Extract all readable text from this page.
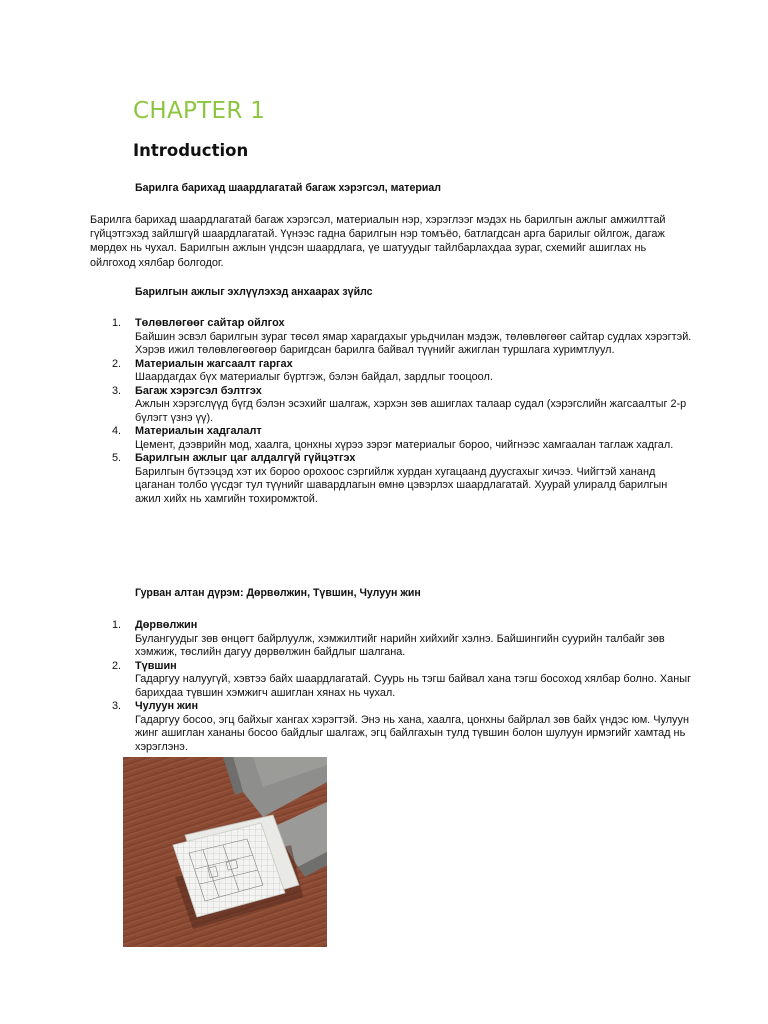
CHAPTER 1
Introduction
Барилга барихад шаардлагатай багаж хэрэгсэл, материал
Барилга барихад шаардлагатай багаж хэрэгсэл, материалын нэр, хэрэглээг мэдэх нь барилгын ажлыг амжилттай гүйцэтгэхэд зайлшгүй шаардлагатай. Үүнээс гадна барилгын нэр томъёо, батлагдсан арга барилыг ойлгож, дагаж мөрдөх нь чухал. Барилгын ажлын үндсэн шаардлага, үе шатуудыг тайлбарлахдаа зураг, схемийг ашиглах нь ойлгоход хялбар болгодог.
Барилгын ажлыг эхлүүлэхэд анхаарах зүйлс
1.	Төлөвлөгөөг сайтар ойлгох
Байшин эсвэл барилгын зураг төсөл ямар харагдахыг урьдчилан мэдэж, төлөвлөгөөг сайтар судлах хэрэгтэй. Хэрэв ижил төлөвлөгөөгөөр баригдсан барилга байвал түүнийг ажиглан туршлага хуримтлуул.
2.	Материалын жагсаалт гаргах
Шаардагдах бүх материалыг бүртгэж, бэлэн байдал, зардлыг тооцоол.
3.	Багаж хэрэгсэл бэлтгэх
Ажлын хэрэгслүүд бүгд бэлэн эсэхийг шалгаж, хэрхэн зөв ашиглах талаар судал (хэрэгслийн жагсаалтыг 2-р бүлэгт үзнэ үү).
4.	Материалын хадгалалт
Цемент, дээврийн мод, хаалга, цонхны хүрээ зэрэг материалыг бороо, чийгнээс хамгаалан таглаж хадгал.
5.	Барилгын ажлыг цаг алдалгүй гүйцэтгэх
Барилгын бүтээцэд хэт их бороо орохоос сэргийлж хурдан хугацаанд дуусгахыг хичээ. Чийгтэй хананд цаганан толбо үүсдэг тул түүнийг шавардлагын өмнө цэвэрлэх шаардлагатай. Хуурай улиралд барилгын ажил хийх нь хамгийн тохиромжтой.
Гурван алтан дүрэм: Дөрвөлжин, Түвшин, Чулуун жин
1.	Дөрвөлжин
Булангуудыг зөв өнцөгт байрлуулж, хэмжилтийг нарийн хийхийг хэлнэ. Байшингийн суурийн талбайг зөв хэмжиж, төслийн дагуу дөрвөлжин байдлыг шалгана.
2.	Түвшин
Гадаргуу налуугүй, хэвтээ байх шаардлагатай. Суурь нь тэгш байвал хана тэгш босоход хялбар болно. Ханыг барихдаа түвшин хэмжигч ашиглан хянах нь чухал.
3.	Чулуун жин
Гадаргуу босоо, эгц байхыг хангах хэрэгтэй. Энэ нь хана, хаалга, цонхны байрлал зөв байх үндэс юм. Чулуун жинг ашиглан хананы босоо байдлыг шалгаж, эгц байлгахын тулд түвшин болон шулуун ирмэгийг хамтад нь хэрэглэнэ.
